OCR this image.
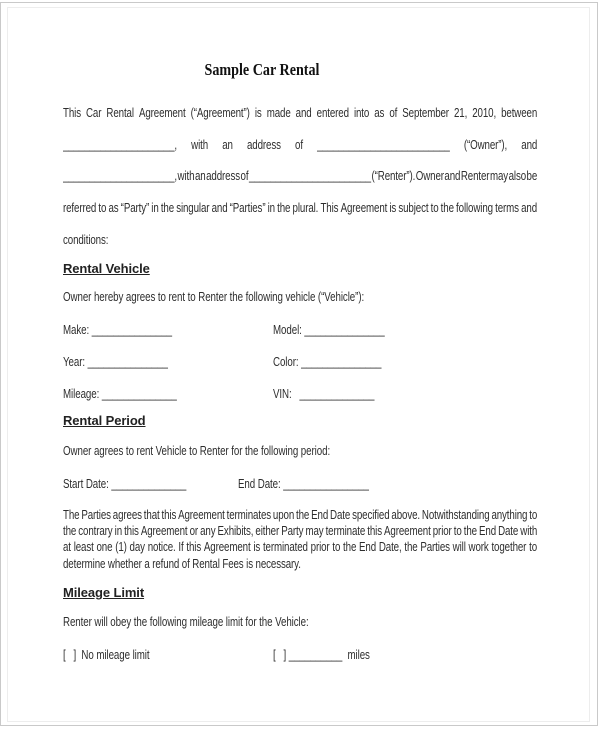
Sample Car Rental
This Car Rental Agreement (“Agreement”) is made and entered into as of September 21, 2010, between
_____________________, with an address of _________________________ (“Owner”), and
_____________________, with an address of _______________________ (“Renter”). Owner and Renter may also be
referred to as “Party” in the singular and “Parties” in the plural. This Agreement is subject to the following terms and
conditions:
Rental Vehicle
Owner hereby agrees to rent to Renter the following vehicle (“Vehicle”):
Make: _______________	Model: _______________
Year: _______________	Color: _______________
Mileage: ______________	VIN:   ______________
Rental Period
Owner agrees to rent Vehicle to Renter for the following period:
Start Date: ______________	End Date: ________________
The Parties agrees that this Agreement terminates upon the End Date specified above. Notwithstanding anything to
the contrary in this Agreement or any Exhibits, either Party may terminate this Agreement prior to the End Date with
at least one (1) day notice. If this Agreement is terminated prior to the End Date, the Parties will work together to
determine whether a refund of Rental Fees is necessary.
Mileage Limit
Renter will obey the following mileage limit for the Vehicle:
[   ]  No mileage limit	[   ] __________  miles
